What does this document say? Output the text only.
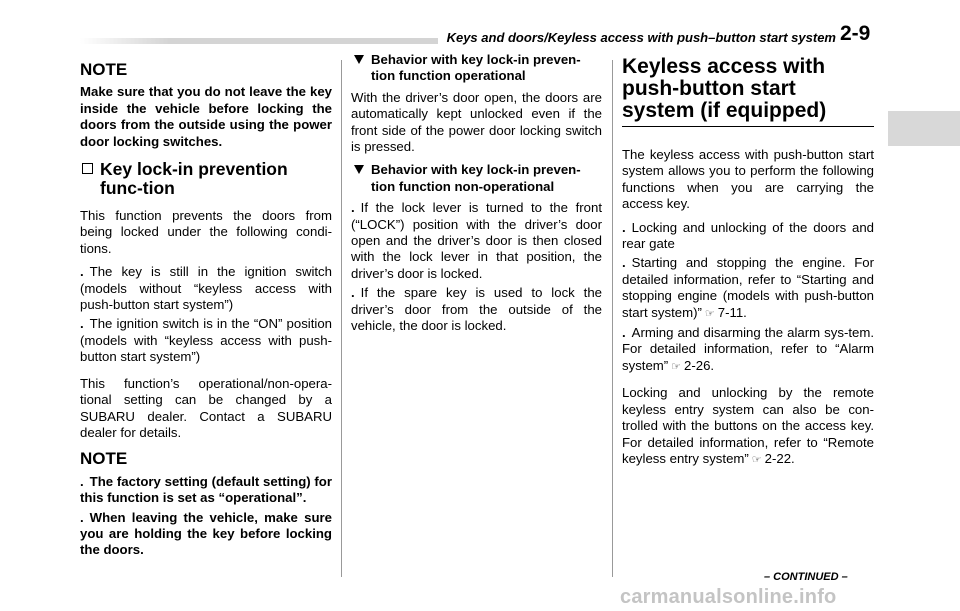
Keys and doors/Keyless access with push–button start system 2-9
NOTE

Make sure that you do not leave the key inside the vehicle before locking the doors from the outside using the power door locking switches.

Key lock-in prevention func-tion

This function prevents the doors from being locked under the following condi-tions.

. The key is still in the ignition switch (models without “keyless access with push-button start system”)

. The ignition switch is in the “ON” position (models with “keyless access with push-button start system”)

This function’s operational/non-opera-tional setting can be changed by a SUBARU dealer. Contact a SUBARU dealer for details.

NOTE

. The factory setting (default setting) for this function is set as “operational”.

. When leaving the vehicle, make sure you are holding the key before locking the doors.

Behavior with key lock-in preven-tion function operational

With the driver’s door open, the doors are automatically kept unlocked even if the front side of the power door locking switch is pressed.

Behavior with key lock-in preven-tion function non-operational

. If the lock lever is turned to the front (“LOCK”) position with the driver’s door open and the driver’s door is then closed with the lock lever in that position, the driver’s door is locked.

. If the spare key is used to lock the driver’s door from the outside of the vehicle, the door is locked.

Keyless access with push-button start system (if equipped)

The keyless access with push-button start system allows you to perform the following functions when you are carrying the access key.

. Locking and unlocking of the doors and rear gate

. Starting and stopping the engine. For detailed information, refer to “Starting and stopping engine (models with push-button start system)” ☞ 7-11.

. Arming and disarming the alarm sys-tem. For detailed information, refer to “Alarm system” ☞ 2-26.

Locking and unlocking by the remote keyless entry system can also be con-trolled with the buttons on the access key. For detailed information, refer to “Remote keyless entry system” ☞ 2-22.

– CONTINUED –
carmanualsonline.info
